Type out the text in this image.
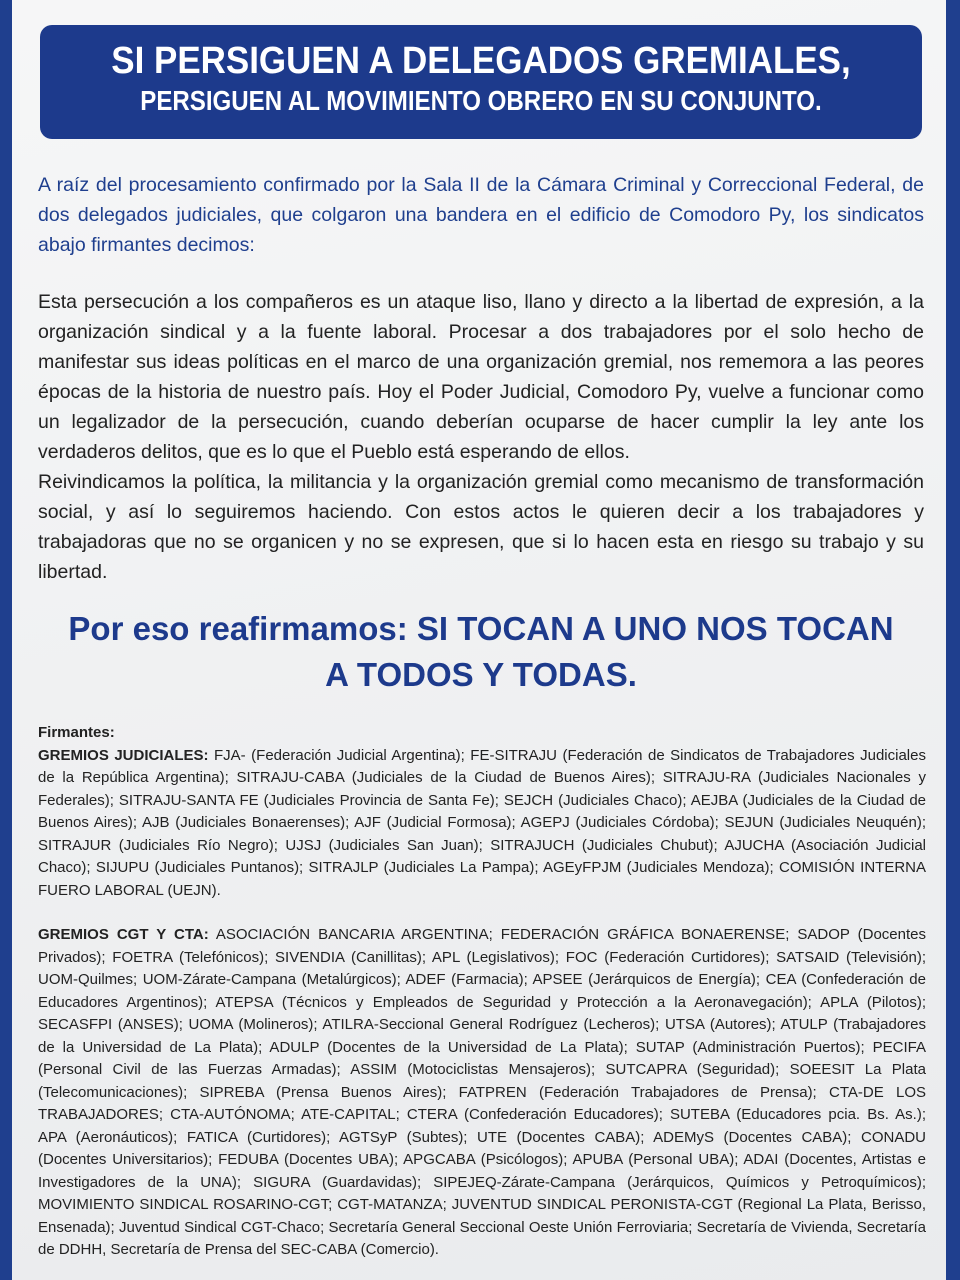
SI PERSIGUEN A DELEGADOS GREMIALES,
PERSIGUEN AL MOVIMIENTO OBRERO EN SU CONJUNTO.

A raíz del procesamiento confirmado por la Sala II de la Cámara Criminal y Correccional Federal, de dos delegados judiciales, que colgaron una bandera en el edificio de Comodoro Py, los sindicatos abajo firmantes decimos:

Esta persecución a los compañeros es un ataque liso, llano y directo a la libertad de expresión, a la organización sindical y a la fuente laboral. Procesar a dos trabajadores por el solo hecho de manifestar sus ideas políticas en el marco de una organización gremial, nos rememora a las peores épocas de la historia de nuestro país. Hoy el Poder Judicial, Comodoro Py, vuelve a funcionar como un legalizador de la persecución, cuando deberían ocuparse de hacer cumplir la ley ante los verdaderos delitos, que es lo que el Pueblo está esperando de ellos.

Reivindicamos la política, la militancia y la organización gremial como mecanismo de transformación social, y así lo seguiremos haciendo. Con estos actos le quieren decir a los trabajadores y trabajadoras que no se organicen y no se expresen, que si lo hacen esta en riesgo su trabajo y su libertad.

Por eso reafirmamos: SI TOCAN A UNO NOS TOCAN
A TODOS Y TODAS.

Firmantes:

GREMIOS JUDICIALES: FJA- (Federación Judicial Argentina); FE-SITRAJU (Federación de Sindicatos de Trabajadores Judiciales de la República Argentina); SITRAJU-CABA (Judiciales de la Ciudad de Buenos Aires); SITRAJU-RA (Judiciales Nacionales y Federales); SITRAJU-SANTA FE (Judiciales Provincia de Santa Fe); SEJCH (Judiciales Chaco); AEJBA (Judiciales de la Ciudad de Buenos Aires); AJB (Judiciales Bonaerenses); AJF (Judicial Formosa); AGEPJ (Judiciales Córdoba); SEJUN (Judiciales Neuquén); SITRAJUR (Judiciales Río Negro); UJSJ (Judiciales San Juan); SITRAJUCH (Judiciales Chubut); AJUCHA (Asociación Judicial Chaco); SIJUPU (Judiciales Puntanos); SITRAJLP (Judiciales La Pampa); AGEyFPJM (Judiciales Mendoza); COMISIÓN INTERNA FUERO LABORAL (UEJN).

GREMIOS CGT Y CTA: ASOCIACIÓN BANCARIA ARGENTINA; FEDERACIÓN GRÁFICA BONAERENSE; SADOP (Docentes Privados); FOETRA (Telefónicos); SIVENDIA (Canillitas); APL (Legislativos); FOC (Federación Curtidores); SATSAID (Televisión); UOM-Quilmes; UOM-Zárate-Campana (Metalúrgicos); ADEF (Farmacia); APSEE (Jerárquicos de Energía); CEA (Confederación de Educadores Argentinos); ATEPSA (Técnicos y Empleados de Seguridad y Protección a la Aeronavegación); APLA (Pilotos); SECASFPI (ANSES); UOMA (Molineros); ATILRA-Seccional General Rodríguez (Lecheros); UTSA (Autores); ATULP (Trabajadores de la Universidad de La Plata); ADULP (Docentes de la Universidad de La Plata); SUTAP (Administración Puertos); PECIFA (Personal Civil de las Fuerzas Armadas); ASSIM (Motociclistas Mensajeros); SUTCAPRA (Seguridad); SOEESIT La Plata (Telecomunicaciones); SIPREBA (Prensa Buenos Aires); FATPREN (Federación Trabajadores de Prensa); CTA-DE LOS TRABAJADORES; CTA-AUTÓNOMA; ATE-CAPITAL; CTERA (Confederación Educadores); SUTEBA (Educadores pcia. Bs. As.); APA (Aeronáuticos); FATICA (Curtidores); AGTSyP (Subtes); UTE (Docentes CABA); ADEMyS (Docentes CABA); CONADU (Docentes Universitarios); FEDUBA (Docentes UBA); APGCABA (Psicólogos); APUBA (Personal UBA); ADAI (Docentes, Artistas e Investigadores de la UNA); SIGURA (Guardavidas); SIPEJEQ-Zárate-Campana (Jerárquicos, Químicos y Petroquímicos); MOVIMIENTO SINDICAL ROSARINO-CGT; CGT-MATANZA; JUVENTUD SINDICAL PERONISTA-CGT (Regional La Plata, Berisso, Ensenada); Juventud Sindical CGT-Chaco; Secretaría General Seccional Oeste Unión Ferroviaria; Secretaría de Vivienda, Secretaría de DDHH, Secretaría de Prensa del SEC-CABA (Comercio).
